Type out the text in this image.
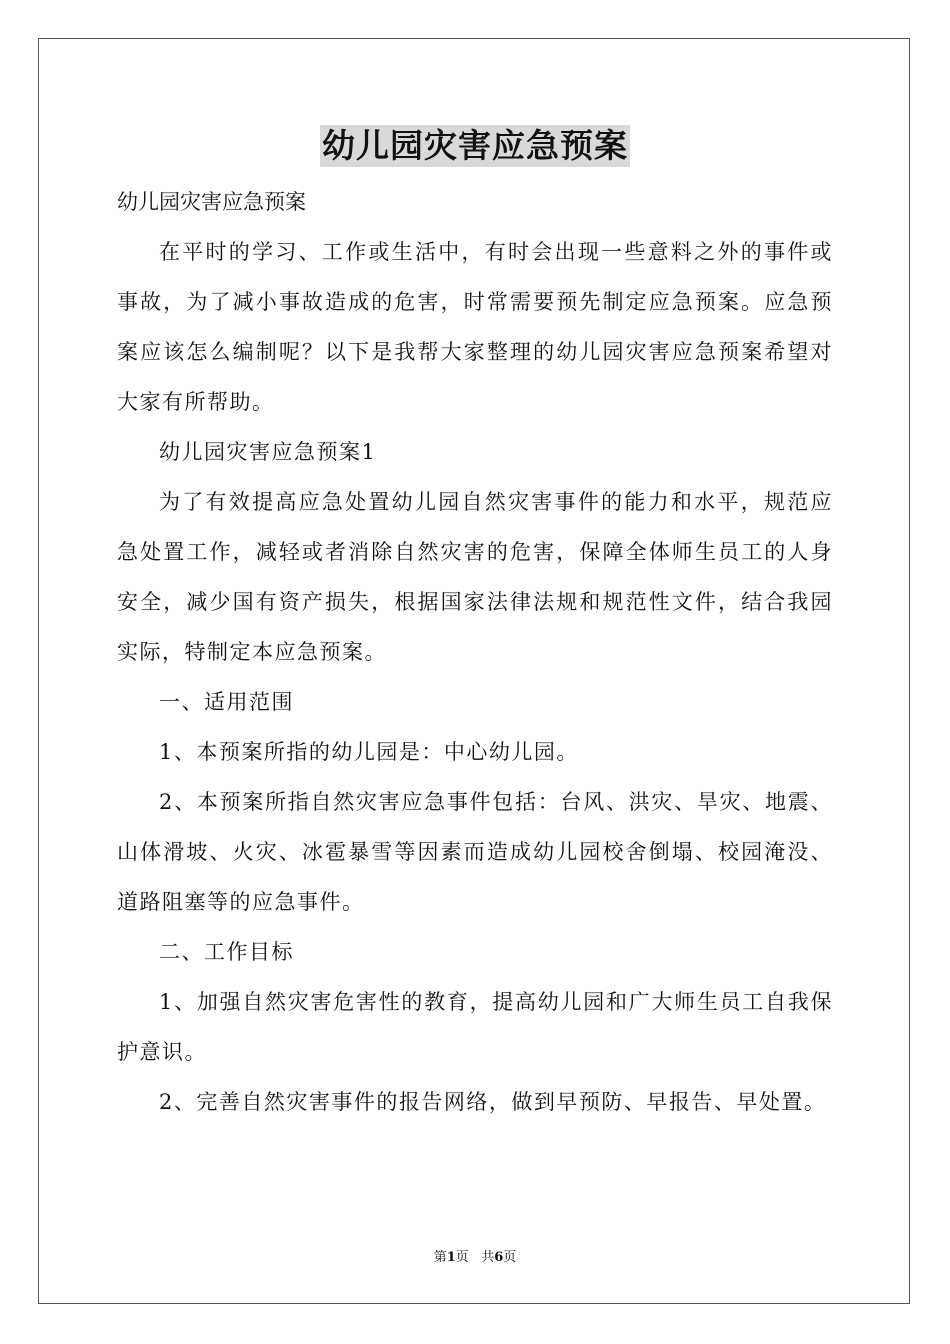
幼儿园灾害应急预案

幼儿园灾害应急预案

在平时的学习、工作或生活中，有时会出现一些意料之外的事件或事故，为了减小事故造成的危害，时常需要预先制定应急预案。应急预案应该怎么编制呢？以下是我帮大家整理的幼儿园灾害应急预案希望对大家有所帮助。

幼儿园灾害应急预案1

为了有效提高应急处置幼儿园自然灾害事件的能力和水平，规范应急处置工作，减轻或者消除自然灾害的危害，保障全体师生员工的人身安全，减少国有资产损失，根据国家法律法规和规范性文件，结合我园实际，特制定本应急预案。

一、适用范围

1、本预案所指的幼儿园是：中心幼儿园。

2、本预案所指自然灾害应急事件包括：台风、洪灾、旱灾、地震、山体滑坡、火灾、冰雹暴雪等因素而造成幼儿园校舍倒塌、校园淹没、道路阻塞等的应急事件。

二、工作目标

1、加强自然灾害危害性的教育，提高幼儿园和广大师生员工自我保护意识。

2、完善自然灾害事件的报告网络，做到早预防、早报告、早处置。

第1页 共6页
